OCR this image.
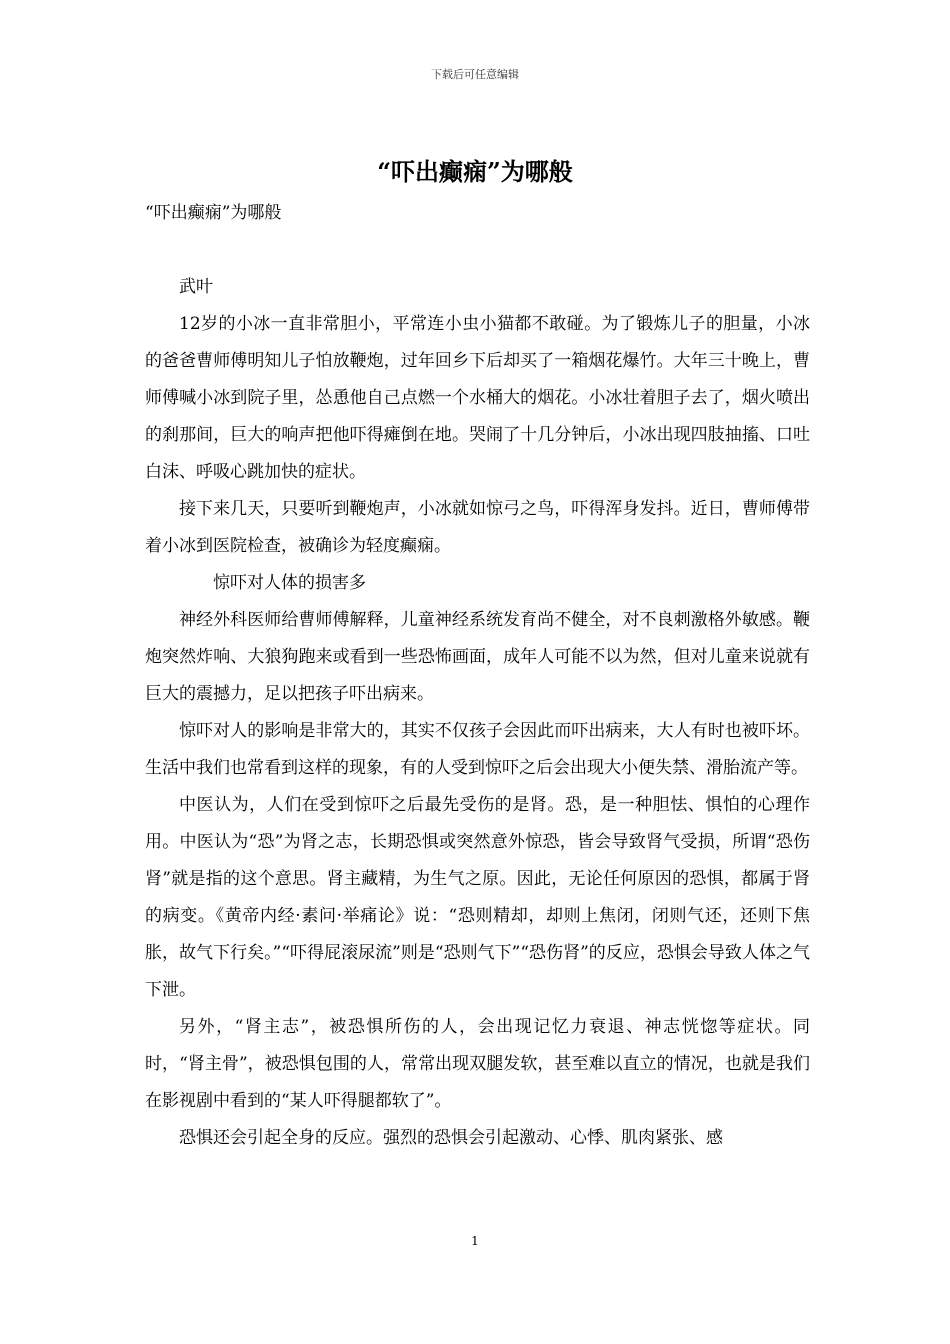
下载后可任意编辑
“吓出癫痫”为哪般

“吓出癫痫”为哪般

武叶

12岁的小冰一直非常胆小，平常连小虫小猫都不敢碰。为了锻炼儿子的胆量，小冰的爸爸曹师傅明知儿子怕放鞭炮，过年回乡下后却买了一箱烟花爆竹。大年三十晚上，曹师傅喊小冰到院子里，怂恿他自己点燃一个水桶大的烟花。小冰壮着胆子去了，烟火喷出的刹那间，巨大的响声把他吓得瘫倒在地。哭闹了十几分钟后，小冰出现四肢抽搐、口吐白沫、呼吸心跳加快的症状。

接下来几天，只要听到鞭炮声，小冰就如惊弓之鸟，吓得浑身发抖。近日，曹师傅带着小冰到医院检查，被确诊为轻度癫痫。

惊吓对人体的损害多

神经外科医师给曹师傅解释，儿童神经系统发育尚不健全，对不良刺激格外敏感。鞭炮突然炸响、大狼狗跑来或看到一些恐怖画面，成年人可能不以为然，但对儿童来说就有巨大的震撼力，足以把孩子吓出病来。

惊吓对人的影响是非常大的，其实不仅孩子会因此而吓出病来，大人有时也被吓坏。生活中我们也常看到这样的现象，有的人受到惊吓之后会出现大小便失禁、滑胎流产等。

中医认为，人们在受到惊吓之后最先受伤的是肾。恐，是一种胆怯、惧怕的心理作用。中医认为“恐”为肾之志，长期恐惧或突然意外惊恐，皆会导致肾气受损，所谓“恐伤肾”就是指的这个意思。肾主藏精，为生气之原。因此，无论任何原因的恐惧，都属于肾的病变。《黄帝内经·素问·举痛论》说：“恐则精却，却则上焦闭，闭则气还，还则下焦胀，故气下行矣。”“吓得屁滚尿流”则是“恐则气下”“恐伤肾”的反应，恐惧会导致人体之气下泄。

另外，“肾主志”，被恐惧所伤的人，会出现记忆力衰退、神志恍惚等症状。同时，“肾主骨”，被恐惧包围的人，常常出现双腿发软，甚至难以直立的情况，也就是我们在影视剧中看到的“某人吓得腿都软了”。

恐惧还会引起全身的反应。强烈的恐惧会引起激动、心悸、肌肉紧张、感

1
